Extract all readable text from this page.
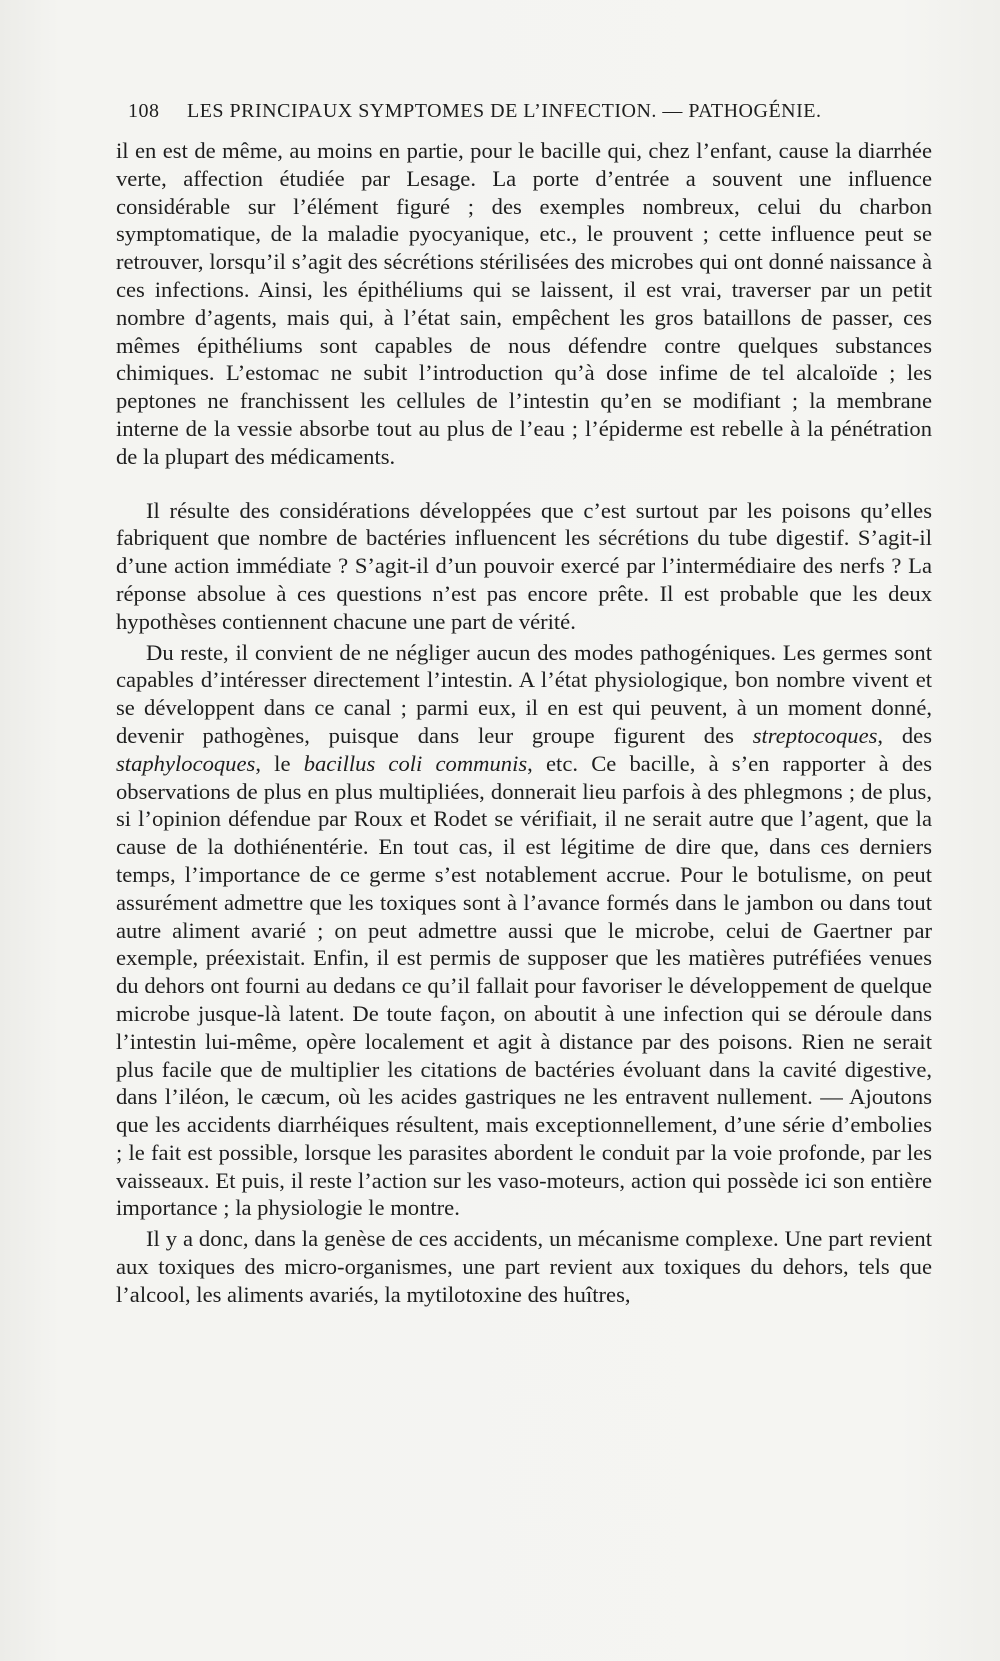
108 LES PRINCIPAUX SYMPTOMES DE L’INFECTION. — PATHOGÉNIE.

il en est de même, au moins en partie, pour le bacille qui, chez l’enfant, cause la diarrhée verte, affection étudiée par Lesage. La porte d’entrée a souvent une influence considérable sur l’élément figuré ; des exemples nombreux, celui du charbon symptomatique, de la maladie pyocyanique, etc., le prouvent ; cette influence peut se retrouver, lorsqu’il s’agit des sécrétions stérilisées des microbes qui ont donné naissance à ces infections. Ainsi, les épithéliums qui se laissent, il est vrai, traverser par un petit nombre d’agents, mais qui, à l’état sain, empêchent les gros bataillons de passer, ces mêmes épithéliums sont capables de nous défendre contre quelques substances chimiques. L’estomac ne subit l’introduction qu’à dose infime de tel alcaloïde ; les peptones ne franchissent les cellules de l’intestin qu’en se modifiant ; la membrane interne de la vessie absorbe tout au plus de l’eau ; l’épiderme est rebelle à la pénétration de la plupart des médicaments.

Il résulte des considérations développées que c’est surtout par les poisons qu’elles fabriquent que nombre de bactéries influencent les sécrétions du tube digestif. S’agit-il d’une action immédiate ? S’agit-il d’un pouvoir exercé par l’intermédiaire des nerfs ? La réponse absolue à ces questions n’est pas encore prête. Il est probable que les deux hypothèses contiennent chacune une part de vérité.

Du reste, il convient de ne négliger aucun des modes pathogéniques. Les germes sont capables d’intéresser directement l’intestin. A l’état physiologique, bon nombre vivent et se développent dans ce canal ; parmi eux, il en est qui peuvent, à un moment donné, devenir pathogènes, puisque dans leur groupe figurent des streptocoques, des staphylocoques, le bacillus coli communis, etc. Ce bacille, à s’en rapporter à des observations de plus en plus multipliées, donnerait lieu parfois à des phlegmons ; de plus, si l’opinion défendue par Roux et Rodet se vérifiait, il ne serait autre que l’agent, que la cause de la dothiénentérie. En tout cas, il est légitime de dire que, dans ces derniers temps, l’importance de ce germe s’est notablement accrue. Pour le botulisme, on peut assurément admettre que les toxiques sont à l’avance formés dans le jambon ou dans tout autre aliment avarié ; on peut admettre aussi que le microbe, celui de Gaertner par exemple, préexistait. Enfin, il est permis de supposer que les matières putréfiées venues du dehors ont fourni au dedans ce qu’il fallait pour favoriser le développement de quelque microbe jusque-là latent. De toute façon, on aboutit à une infection qui se déroule dans l’intestin lui-même, opère localement et agit à distance par des poisons. Rien ne serait plus facile que de multiplier les citations de bactéries évoluant dans la cavité digestive, dans l’iléon, le cæcum, où les acides gastriques ne les entravent nullement. — Ajoutons que les accidents diarrhéiques résultent, mais exceptionnellement, d’une série d’embolies ; le fait est possible, lorsque les parasites abordent le conduit par la voie profonde, par les vaisseaux. Et puis, il reste l’action sur les vaso-moteurs, action qui possède ici son entière importance ; la physiologie le montre.

Il y a donc, dans la genèse de ces accidents, un mécanisme complexe. Une part revient aux toxiques des micro-organismes, une part revient aux toxiques du dehors, tels que l’alcool, les aliments avariés, la mytilotoxine des huîtres,
